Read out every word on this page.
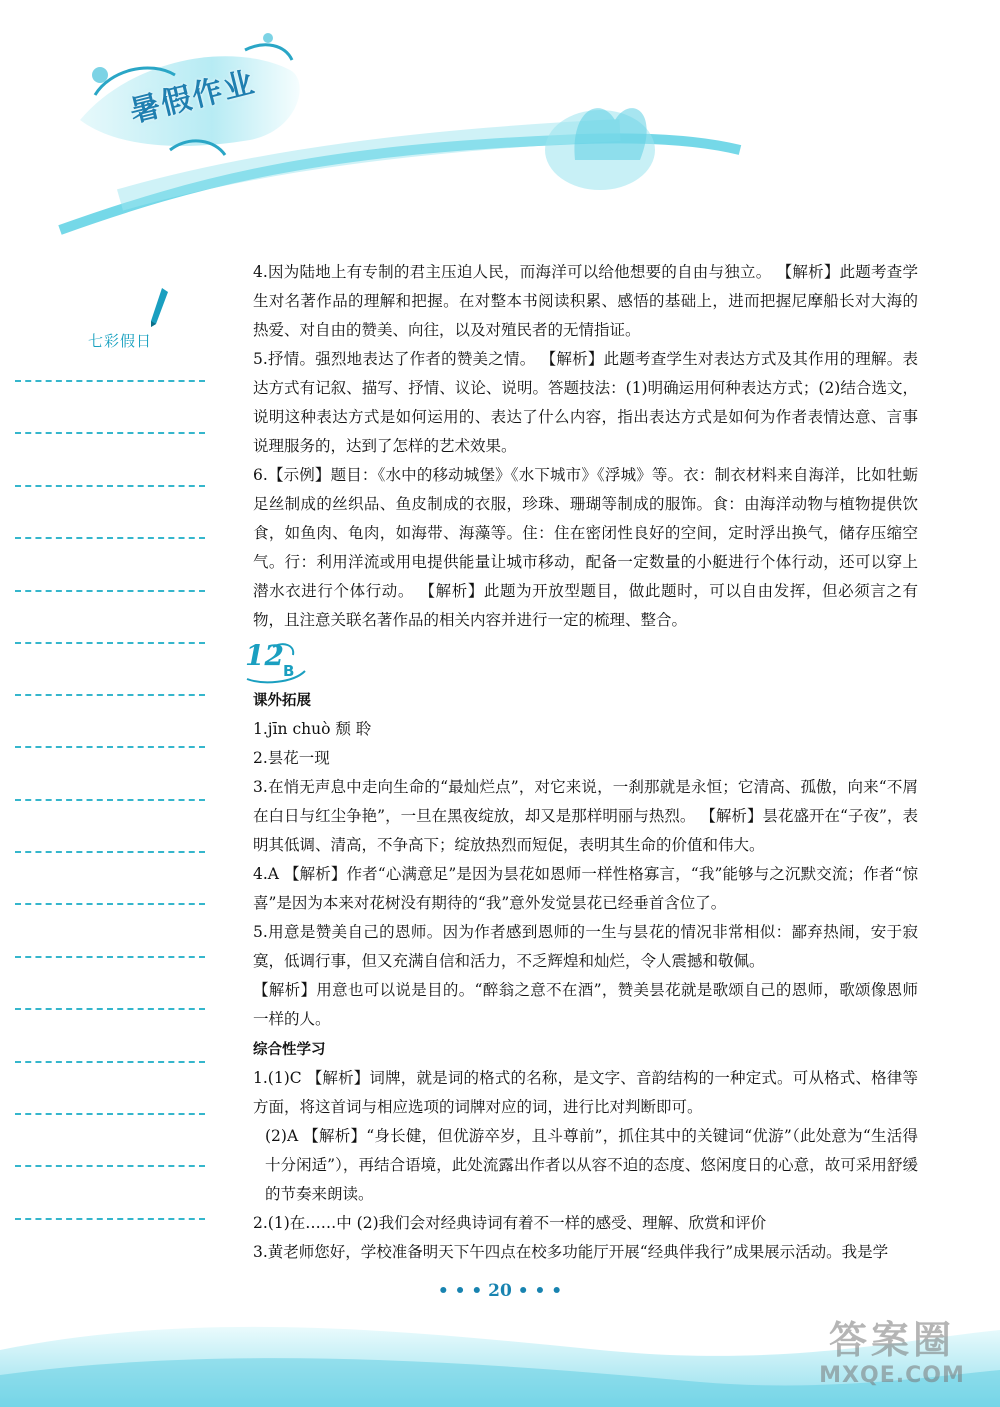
暑假作业
七彩假日

4.因为陆地上有专制的君主压迫人民，而海洋可以给他想要的自由与独立。 【解析】此题考查学生对名著作品的理解和把握。在对整本书阅读积累、感悟的基础上，进而把握尼摩船长对大海的热爱、对自由的赞美、向往，以及对殖民者的无情指证。

5.抒情。强烈地表达了作者的赞美之情。 【解析】此题考查学生对表达方式及其作用的理解。表达方式有记叙、描写、抒情、议论、说明。答题技法：(1)明确运用何种表达方式；(2)结合选文，说明这种表达方式是如何运用的、表达了什么内容，指出表达方式是如何为作者表情达意、言事说理服务的，达到了怎样的艺术效果。

6.【示例】题目：《水中的移动城堡》《水下城市》《浮城》等。衣：制衣材料来自海洋，比如牡蛎足丝制成的丝织品、鱼皮制成的衣服，珍珠、珊瑚等制成的服饰。食：由海洋动物与植物提供饮食，如鱼肉、龟肉，如海带、海藻等。住：住在密闭性良好的空间，定时浮出换气，储存压缩空气。行：利用洋流或用电提供能量让城市移动，配备一定数量的小艇进行个体行动，还可以穿上潜水衣进行个体行动。 【解析】此题为开放型题目，做此题时，可以自由发挥，但必须言之有物，且注意关联名著作品的相关内容并进行一定的梳理、整合。

12 B
课外拓展

1.jīn chuò 颓 聆

2.昙花一现

3.在悄无声息中走向生命的“最灿烂点”，对它来说，一刹那就是永恒；它清高、孤傲，向来“不屑在白日与红尘争艳”，一旦在黑夜绽放，却又是那样明丽与热烈。 【解析】昙花盛开在“子夜”，表明其低调、清高，不争高下；绽放热烈而短促，表明其生命的价值和伟大。

4.A 【解析】作者“心满意足”是因为昙花如恩师一样性格寡言，“我”能够与之沉默交流；作者“惊喜”是因为本来对花树没有期待的“我”意外发觉昙花已经垂首含位了。

5.用意是赞美自己的恩师。因为作者感到恩师的一生与昙花的情况非常相似：鄙弃热闹，安于寂寞，低调行事，但又充满自信和活力，不乏辉煌和灿烂，令人震撼和敬佩。

【解析】用意也可以说是目的。“醉翁之意不在酒”，赞美昙花就是歌颂自己的恩师，歌颂像恩师一样的人。

综合性学习

1.(1)C 【解析】词牌，就是词的格式的名称，是文字、音韵结构的一种定式。可从格式、格律等方面，将这首词与相应选项的词牌对应的词，进行比对判断即可。

(2)A 【解析】“身长健，但优游卒岁，且斗尊前”，抓住其中的关键词“优游”（此处意为“生活得十分闲适”），再结合语境，此处流露出作者以从容不迫的态度、悠闲度日的心意，故可采用舒缓的节奏来朗读。

2.(1)在……中 (2)我们会对经典诗词有着不一样的感受、理解、欣赏和评价

3.黄老师您好，学校准备明天下午四点在校多功能厅开展“经典伴我行”成果展示活动。我是学

• • • 20 • • •
答案圈
MXQE.COM
